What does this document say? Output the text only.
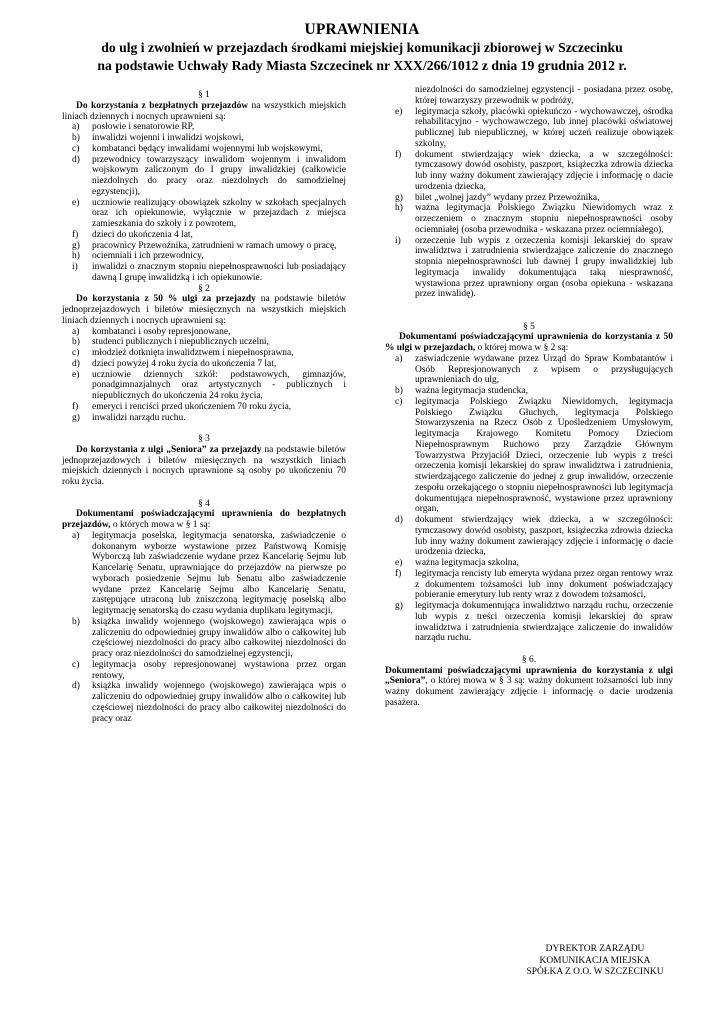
UPRAWNIENIA
do ulg i zwolnień w przejazdach środkami miejskiej komunikacji zbiorowej w Szczecinku
na podstawie Uchwały Rady Miasta Szczecinek nr XXX/266/1012 z dnia 19 grudnia 2012 r.

§ 1

Do korzystania z bezpłatnych przejazdów na wszystkich miejskich liniach dziennych i nocnych uprawnieni są:

a)	posłowie i senatorowie RP,
b)	inwalidzi wojenni i inwalidzi wojskowi,
c)	kombatanci będący inwalidami wojennymi lub wojskowymi,
d)	przewodnicy towarzyszący inwalidom wojennym i inwalidom wojskowym zaliczonym do I grupy inwalidzkiej (całkowicie niezdolnych do pracy oraz niezdolnych do samodzielnej egzystencji),
e)	uczniowie realizujący obowiązek szkolny w szkołach specjalnych oraz ich opiekunowie, wyłącznie w przejazdach z miejsca zamieszkania do szkoły i z powrotem,
f)	dzieci do ukończenia 4 lat,
g)	pracownicy Przewoźnika, zatrudnieni w ramach umowy o pracę,
h)	ociemniali i ich przewodnicy,
i)	inwalidzi o znacznym stopniu niepełnosprawności lub posiadający dawną I grupę inwalidzką i ich opiekunowie.

§ 2

Do korzystania z 50 % ulgi za przejazdy na podstawie biletów jednoprzejazdowych i biletów miesięcznych na wszystkich miejskich liniach dziennych i nocnych uprawnieni są:

a)	kombatanci i osoby represjonowane,
b)	studenci publicznych i niepublicznych uczelni,
c)	młodzież dotknięta inwalidztwem i niepełnosprawna,
d)	dzieci powyżej 4 roku życia do ukończenia 7 lat,
e)	uczniowie dziennych szkół: podstawowych, gimnazjów, ponadgimnazjalnych oraz artystycznych - publicznych i niepublicznych do ukończenia 24 roku życia,
f)	emeryci i renciści przed ukończeniem 70 roku życia,
g)	inwalidzi narządu ruchu.

§ 3

Do korzystania z ulgi „Seniora” za przejazdy na podstawie biletów jednoprzejazdowych i biletów miesięcznych na wszystkich liniach miejskich dziennych i nocnych uprawnione są osoby po ukończeniu 70 roku życia.

§ 4

Dokumentami poświadczającymi uprawnienia do bezpłatnych przejazdów, o których mowa w § 1 są:

a)	legitymacja poselska, legitymacja senatorska, zaświadczenie o dokonanym wyborze wystawione przez Państwową Komisję Wyborczą lub zaświadczenie wydane przez Kancelarię Sejmu lub Kancelarię Senatu, uprawniające do przejazdów na pierwsze po wyborach posiedzenie Sejmu lub Senatu albo zaświadczenie wydane przez Kancelarię Sejmu albo Kancelarię Senatu, zastępujące utraconą lub zniszczoną legitymację poselską albo legitymację senatorską do czasu wydania duplikatu legitymacji,
b)	książka inwalidy wojennego (wojskowego) zawierająca wpis o zaliczeniu do odpowiedniej grupy inwalidów albo o całkowitej lub częściowej niezdolności do pracy albo całkowitej niezdolności do pracy oraz niezdolności do samodzielnej egzystencji,
c)	legitymacja osoby represjonowanej wystawiona przez organ rentowy,
d)	książka inwalidy wojennego (wojskowego) zawierająca wpis o zaliczeniu do odpowiedniej grupy inwalidów albo o całkowitej lub częściowej niezdolności do pracy albo całkowitej niezdolności do pracy oraz

niezdolności do samodzielnej egzystencji - posiadana przez osobę, której towarzyszy przewodnik w podróży,

e)	legitymacja szkoły, placówki opiekuńczo - wychowawczej, ośrodka rehabilitacyjno - wychowawczego, lub innej placówki oświatowej publicznej lub niepublicznej, w której uczeń realizuje obowiązek szkolny,
f)	dokument stwierdzający wiek dziecka, a w szczególności: tymczasowy dowód osobisty, paszport, książeczka zdrowia dziecka lub inny ważny dokument zawierający zdjęcie i informację o dacie urodzenia dziecka,
g)	bilet „wolnej jazdy” wydany przez Przewoźnika,
h)	ważna legitymacja Polskiego Związku Niewidomych wraz z orzeczeniem o znacznym stopniu niepełnosprawności osoby ociemniałej (osoba przewodnika - wskazana przez ociemniałego),
i)	orzeczenie lub wypis z orzeczenia komisji lekarskiej do spraw inwalidztwa i zatrudnienia stwierdzające zaliczenie do znacznego stopnia niepełnosprawności lub dawnej I grupy inwalidzkiej lub legitymacja inwalidy dokumentująca taką niesprawność, wystawiona przez uprawniony organ (osoba opiekuna - wskazana przez inwalidę).

§ 5

Dokumentami poświadczającymi uprawnienia do korzystania z 50 % ulgi w przejazdach, o której mowa w § 2 są:

a)	zaświadczenie wydawane przez Urząd do Spraw Kombatantów i Osób Represjonowanych z wpisem o przysługujących uprawnieniach do ulg,
b)	ważna legitymacja studencka,
c)	legitymacja Polskiego Związku Niewidomych, legitymacja Polskiego Związku Głuchych, legitymacja Polskiego Stowarzyszenia na Rzecz Osób z Upośledzeniem Umysłowym, legitymacja Krajowego Komitetu Pomocy Dzieciom Niepełnosprawnym Ruchowo przy Zarządzie Głównym Towarzystwa Przyjaciół Dzieci, orzeczenie lub wypis z treści orzeczenia komisji lekarskiej do spraw inwalidztwa i zatrudnienia, stwierdzającego zaliczenie do jednej z grup inwalidów, orzeczenie zespołu orzekającego o stopniu niepełnosprawności lub legitymacja dokumentująca niepełnosprawność, wystawione przez uprawniony organ,
d)	dokument stwierdzający wiek dziecka, a w szczególności: tymczasowy dowód osobisty, paszport, książeczka zdrowia dziecka lub inny ważny dokument zawierający zdjęcie i informację o dacie urodzenia dziecka,
e)	ważna legitymacja szkolna,
f)	legitymacja rencisty lub emeryta wydana przez organ rentowy wraz z dokumentem tożsamości lub inny dokument poświadczający pobieranie emerytury lub renty wraz z dowodem tożsamości,
g)	legitymacja dokumentująca inwalidztwo narządu ruchu, orzeczenie lub wypis z treści orzeczenia komisji lekarskiej do spraw inwalidztwa i zatrudnienia stwierdzające zaliczenie do inwalidów narządu ruchu.

§ 6.

Dokumentami poświadczającymi uprawnienia do korzystania z ulgi „Seniora”, o której mowa w § 3 są: ważny dokument tożsamości lub inny ważny dokument zawierający zdjęcie i informację o dacie urodzenia pasażera.

DYREKTOR ZARZĄDU
KOMUNIKACJA MIEJSKA
SPÓŁKA Z O.O. W SZCZECINKU
